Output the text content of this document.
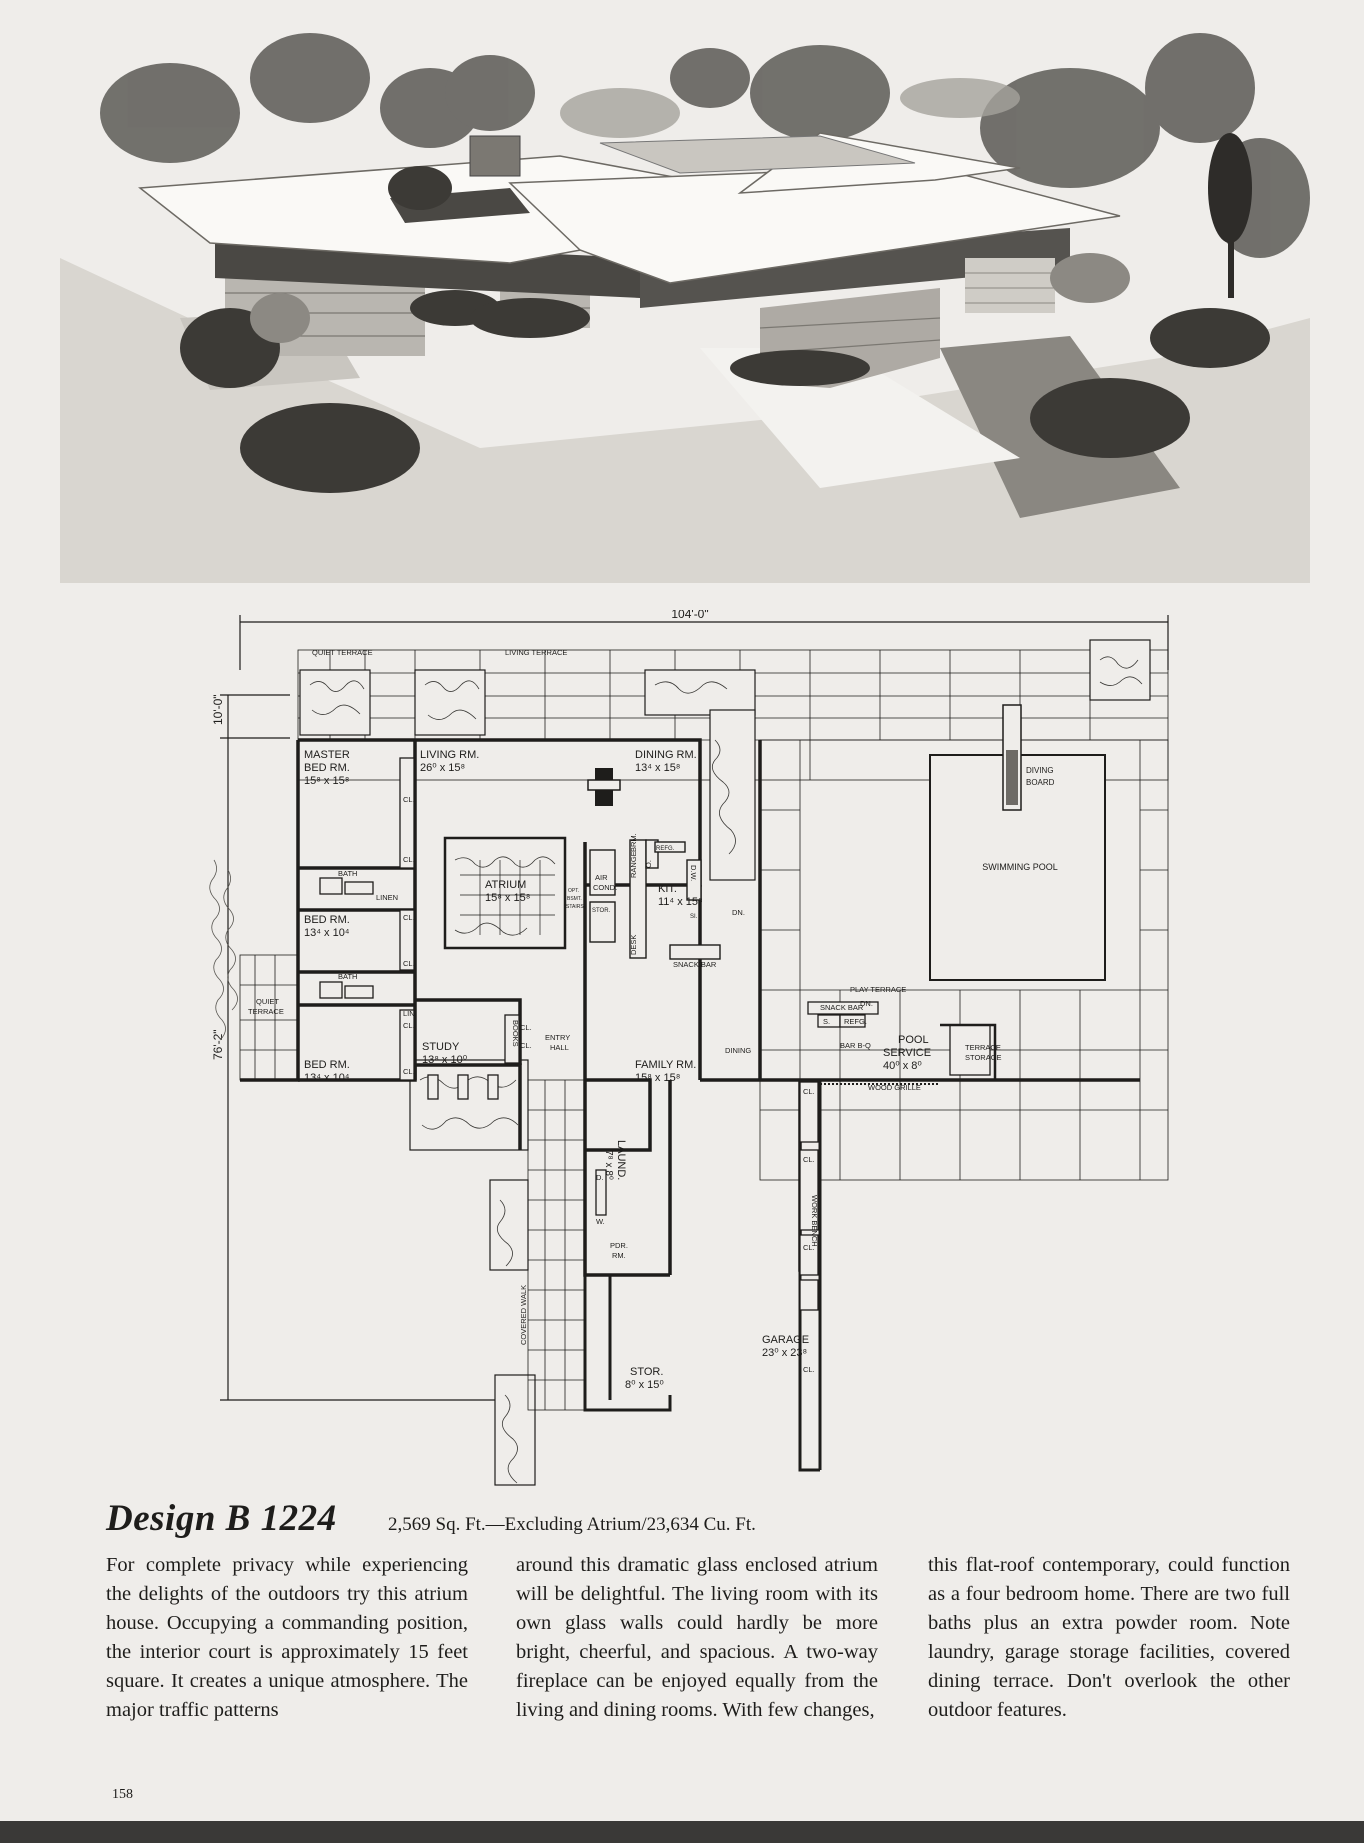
104'-0"
10'-0"
76'-2"
DIVING
BOARD
SWIMMING POOL
MASTER
BED RM.
15⁸ x 15⁸
LIVING RM.
26⁰ x 15⁸
DINING RM.
13⁴ x 15⁸
ATRIUM
15⁸ x 15⁸
KIT.
11⁴ x 15⁸
BED RM.
13⁴ x 10⁴
STUDY
13⁸ x 10⁰
BED RM.
13⁴ x 10⁴
FAMILY RM.
15⁸ x 15⁸
GARAGE
23⁰ x 23⁸
STOR.
8⁰ x 15⁰
POOL
SERVICE
40⁰ x 8⁰
LAUND.
7⁸ x 8⁰
QUIET TERRACE	LIVING TERRACE
QUIET
TERRACE
PLAY TERRACE
DN.
SNACK BAR
S. REFG.
BAR B-Q
DINING
DN.
TERRACE
STORAGE
WOOD GRILLE
SNACK BAR
BATH
BATH
LINEN
CL.
CL.
CL.
CL.
LIN
CL.
CL.
CL.
CL.
BOOKS	ENTRY
HALL
AIR
COND.
OPT.
BSMT.
STAIRS
STOR.
RANGE
DESK
BRM.
O.
REFG.
D.W.
SI.
PDR.
RM.
COVERED WALK
WORK BENCH
CL.
CL.
CL.
CL.
W.
D.
Design B 1224	2,569 Sq. Ft.—Excluding Atrium/23,634 Cu. Ft.

For complete privacy while experiencing the delights of the outdoors try this atrium house. Occupying a commanding position, the interior court is approximately 15 feet square. It creates a unique atmosphere. The major traffic patterns

around this dramatic glass enclosed atrium will be delightful. The living room with its own glass walls could hardly be more bright, cheerful, and spacious. A two-way fireplace can be enjoyed equally from the living and dining rooms. With few changes,

this flat-roof contemporary, could function as a four bedroom home. There are two full baths plus an extra powder room. Note laundry, garage storage facilities, covered dining terrace. Don't overlook the other outdoor features.

158
